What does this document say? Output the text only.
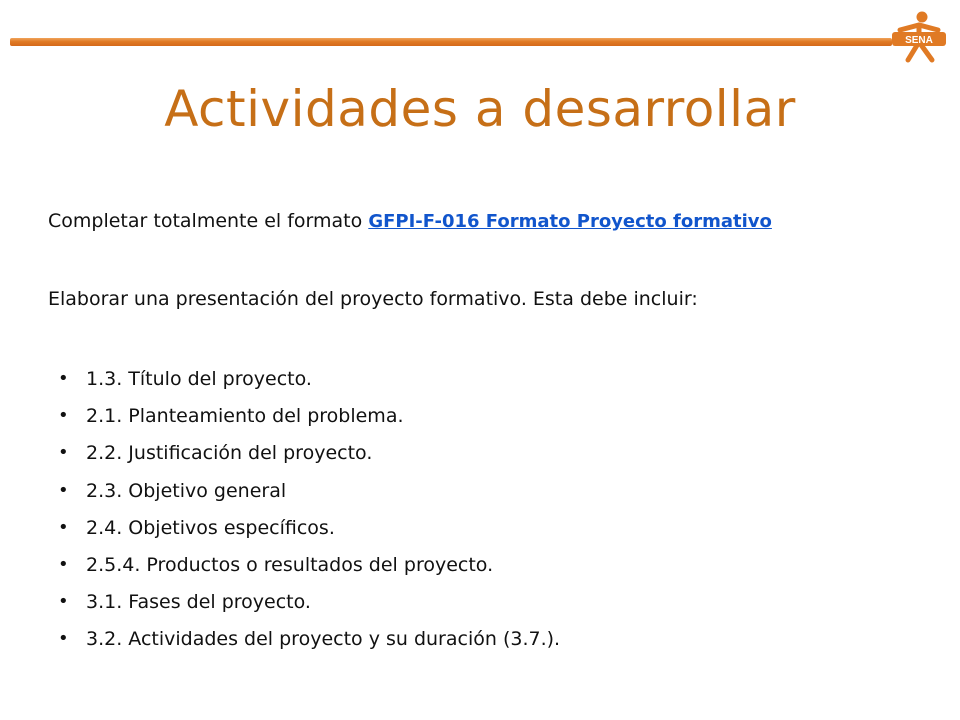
SENA
Actividades a desarrollar
Completar totalmente el formato GFPI-F-016 Formato Proyecto formativo
Elaborar una presentación del proyecto formativo. Esta debe incluir:
• 1.3. Título del proyecto.
• 2.1. Planteamiento del problema.
• 2.2. Justificación del proyecto.
• 2.3. Objetivo general
• 2.4. Objetivos específicos.
• 2.5.4. Productos o resultados del proyecto.
• 3.1. Fases del proyecto.
• 3.2. Actividades del proyecto y su duración (3.7.).
